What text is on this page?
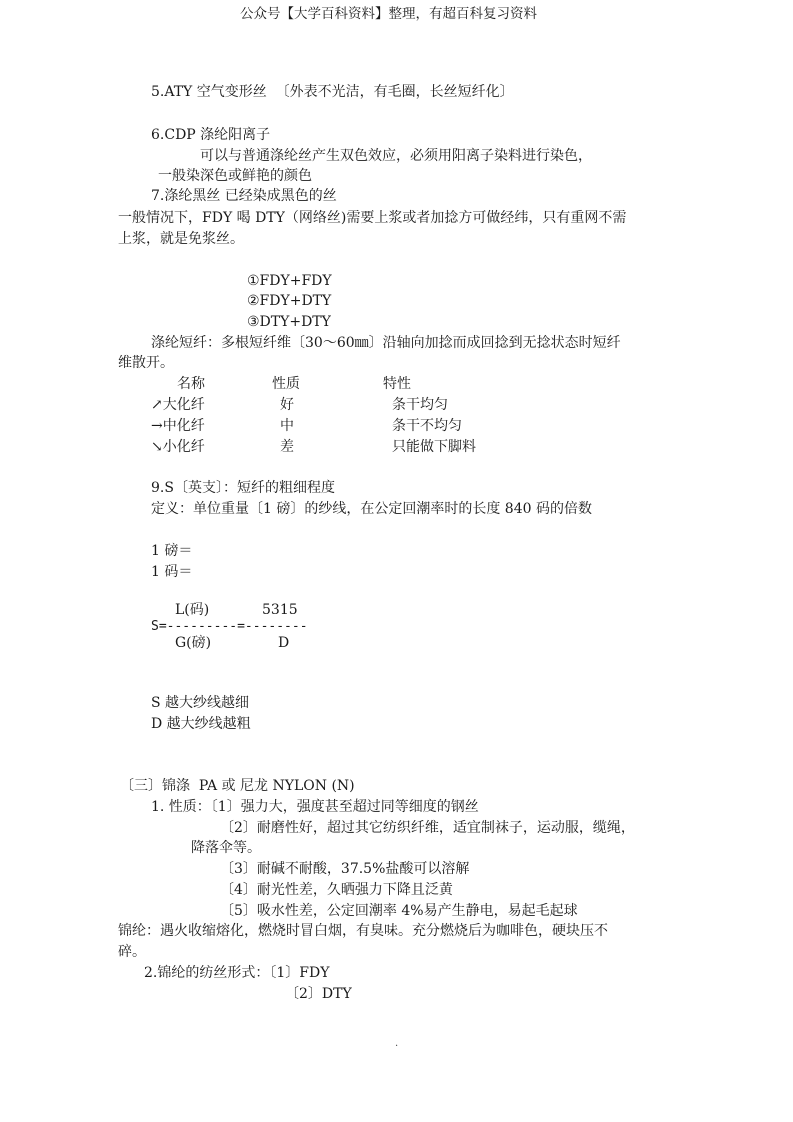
公众号【大学百科资料】整理，有超百科复习资料
5.ATY 空气变形丝  〔外表不光洁，有毛圈，长丝短纤化〕
6.CDP 涤纶阳离子
可以与普通涤纶丝产生双色效应，必须用阳离子染料进行染色，
一般染深色或鲜艳的颜色
7.涤纶黑丝 已经染成黑色的丝
一般情况下，FDY 喝 DTY（网络丝)需要上浆或者加捻方可做经纬，只有重网不需
上浆，就是免浆丝。
①FDY+FDY
②FDY+DTY
③DTY+DTY
涤纶短纤：多根短纤维〔30～60㎜〕沿轴向加捻而成回捻到无捻状态时短纤
维散开。
名称	性质	特性
↗大化纤	好	条干均匀
→中化纤	中	条干不均匀
↘小化纤	差	只能做下脚料
9.S〔英支〕：短纤的粗细程度
定义：单位重量〔1 磅〕的纱线，在公定回潮率时的长度 840 码的倍数
1 磅＝
1 码＝
L(码)	5315
S=---------=--------
G(磅)	D
S 越大纱线越细
D 越大纱线越粗
〔三〕锦涤  PA 或 尼龙 NYLON (N)
1. 性质：〔1〕强力大，强度甚至超过同等细度的钢丝
〔2〕耐磨性好，超过其它纺织纤维，适宜制袜子，运动服，缆绳，
降落伞等。
〔3〕耐碱不耐酸，37.5%盐酸可以溶解
〔4〕耐光性差，久晒强力下降且泛黄
〔5〕吸水性差，公定回潮率 4%易产生静电，易起毛起球
锦纶：遇火收缩熔化，燃烧时冒白烟，有臭味。充分燃烧后为咖啡色，硬块压不
碎。
2.锦纶的纺丝形式：〔1〕FDY
〔2〕DTY
.
